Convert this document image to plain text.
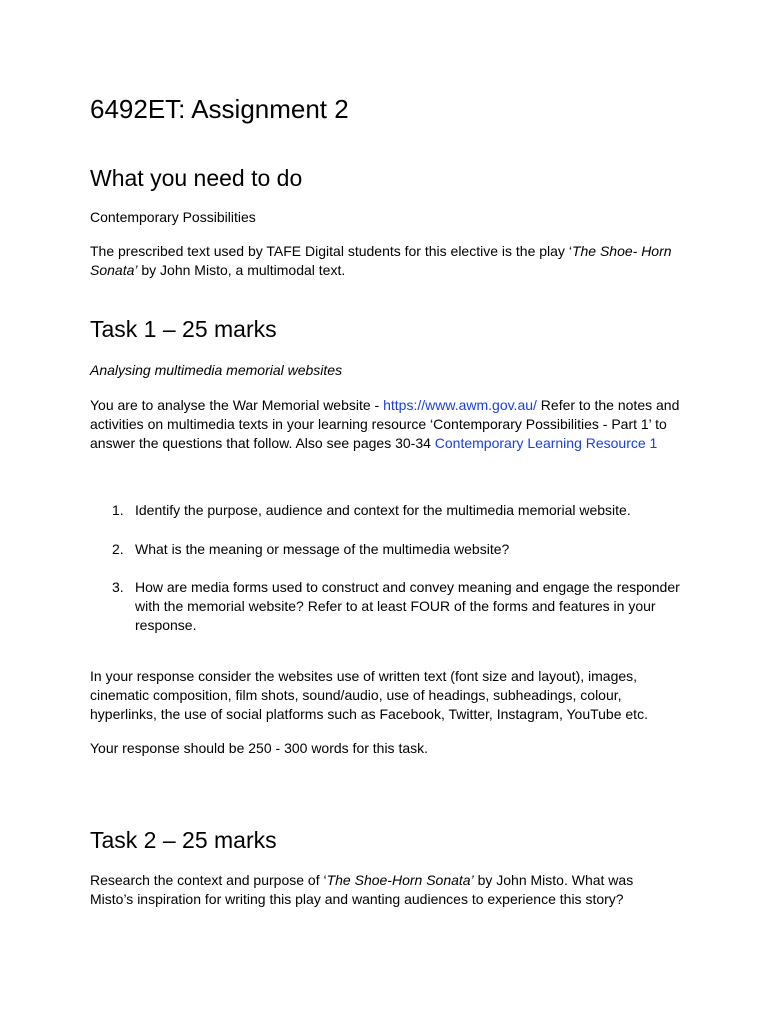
6492ET: Assignment 2
What you need to do

Contemporary Possibilities

The prescribed text used by TAFE Digital students for this elective is the play ‘The Shoe- Horn Sonata’ by John Misto, a multimodal text.

Task 1 – 25 marks

Analysing multimedia memorial websites

You are to analyse the War Memorial website - https://www.awm.gov.au/ Refer to the notes and activities on multimedia texts in your learning resource ‘Contemporary Possibilities - Part 1’ to answer the questions that follow. Also see pages 30-34 Contemporary Learning Resource 1

1. Identify the purpose, audience and context for the multimedia memorial website.
2. What is the meaning or message of the multimedia website?
3. How are media forms used to construct and convey meaning and engage the responder with the memorial website? Refer to at least FOUR of the forms and features in your response.

In your response consider the websites use of written text (font size and layout), images, cinematic composition, film shots, sound/audio, use of headings, subheadings, colour, hyperlinks, the use of social platforms such as Facebook, Twitter, Instagram, YouTube etc.

Your response should be 250 - 300 words for this task.

Task 2 – 25 marks

Research the context and purpose of ‘The Shoe-Horn Sonata’ by John Misto. What was Misto’s inspiration for writing this play and wanting audiences to experience this story?
